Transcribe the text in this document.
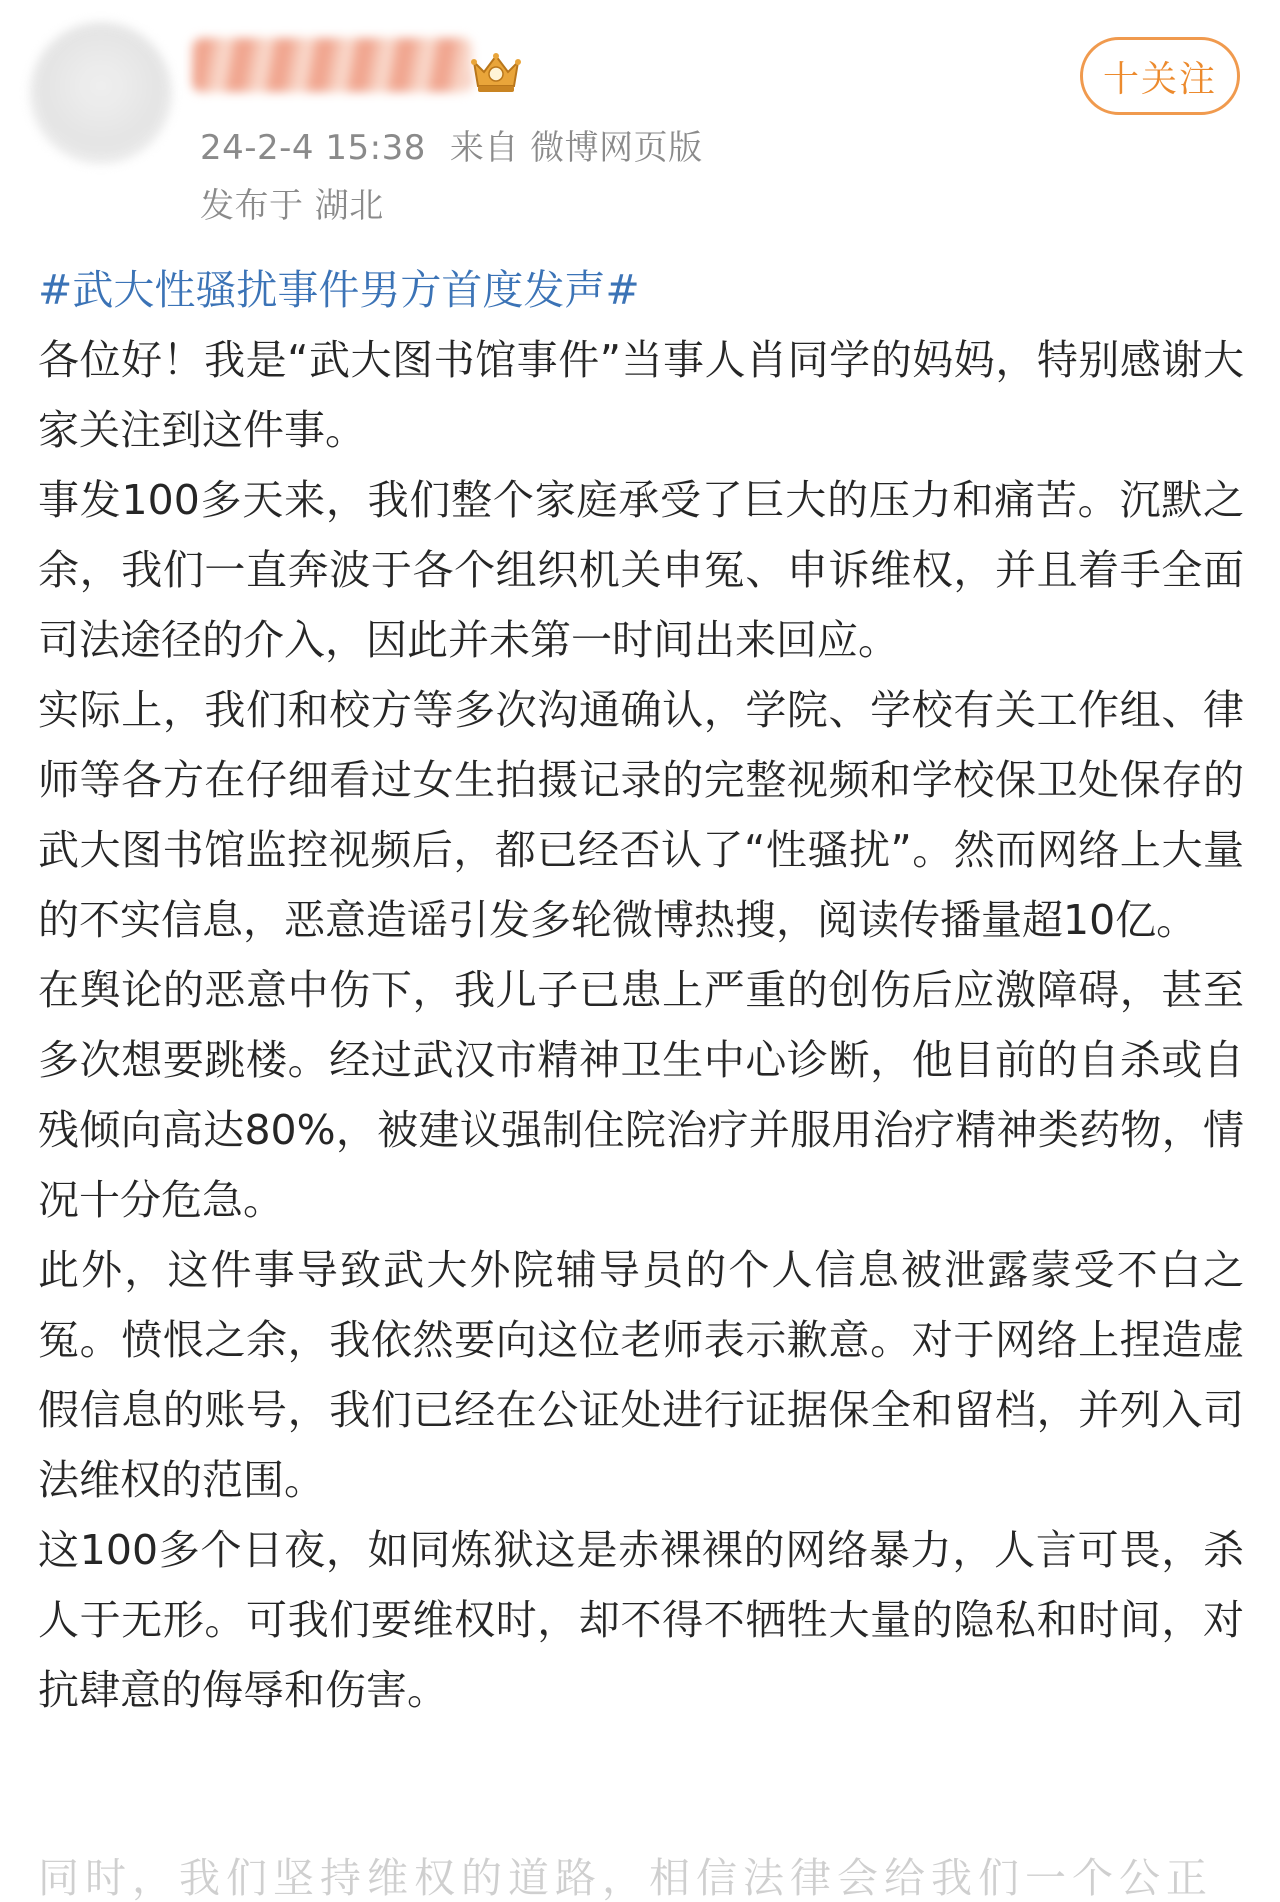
24-2-4 15:38 来自 微博网页版
发布于 湖北
十关注
#武大性骚扰事件男方首度发声#

各位好！我是“武大图书馆事件”当事人肖同学的妈妈，特别感谢大家关注到这件事。

事发100多天来，我们整个家庭承受了巨大的压力和痛苦。沉默之余，我们一直奔波于各个组织机关申冤、申诉维权，并且着手全面司法途径的介入，因此并未第一时间出来回应。

实际上，我们和校方等多次沟通确认，学院、学校有关工作组、律师等各方在仔细看过女生拍摄记录的完整视频和学校保卫处保存的武大图书馆监控视频后，都已经否认了“性骚扰”。然而网络上大量的不实信息，恶意造谣引发多轮微博热搜，阅读传播量超10亿。

在舆论的恶意中伤下，我儿子已患上严重的创伤后应激障碍，甚至多次想要跳楼。经过武汉市精神卫生中心诊断，他目前的自杀或自残倾向高达80%，被建议强制住院治疗并服用治疗精神类药物，情况十分危急。

此外，这件事导致武大外院辅导员的个人信息被泄露蒙受不白之冤。愤恨之余，我依然要向这位老师表示歉意。对于网络上捏造虚假信息的账号，我们已经在公证处进行证据保全和留档，并列入司法维权的范围。

这100多个日夜，如同炼狱这是赤裸裸的网络暴力，人言可畏，杀人于无形。可我们要维权时，却不得不牺牲大量的隐私和时间，对抗肆意的侮辱和伤害。

同时，我们坚持维权的道路，相信法律会给我们一个公正
